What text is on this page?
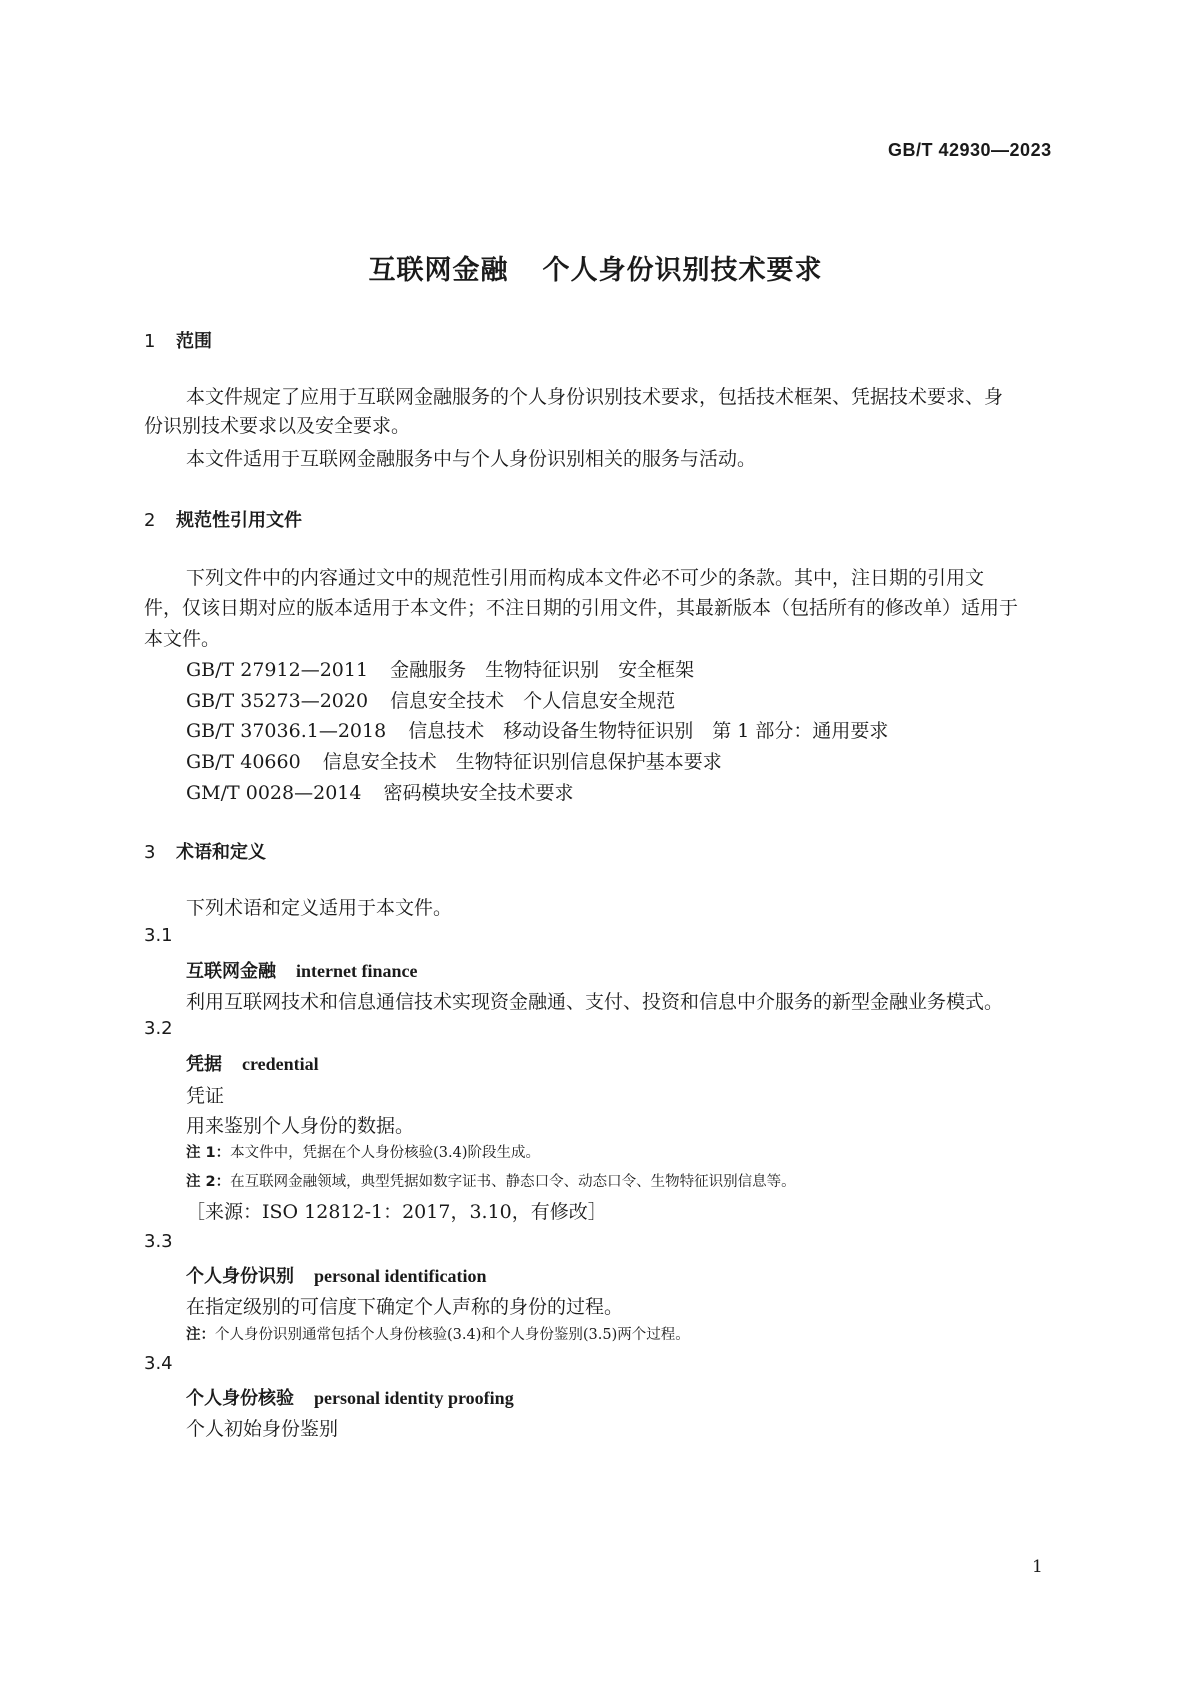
GB/T 42930—2023
互联网金融 个人身份识别技术要求
1 范围
本文件规定了应用于互联网金融服务的个人身份识别技术要求，包括技术框架、凭据技术要求、身
份识别技术要求以及安全要求。
本文件适用于互联网金融服务中与个人身份识别相关的服务与活动。
2 规范性引用文件
下列文件中的内容通过文中的规范性引用而构成本文件必不可少的条款。其中，注日期的引用文
件，仅该日期对应的版本适用于本文件；不注日期的引用文件，其最新版本（包括所有的修改单）适用于
本文件。
GB/T 27912—2011 金融服务　生物特征识别　安全框架
GB/T 35273—2020 信息安全技术　个人信息安全规范
GB/T 37036.1—2018 信息技术　移动设备生物特征识别　第 1 部分：通用要求
GB/T 40660 信息安全技术　生物特征识别信息保护基本要求
GM/T 0028—2014 密码模块安全技术要求
3 术语和定义
下列术语和定义适用于本文件。
3.1
互联网金融 internet finance
利用互联网技术和信息通信技术实现资金融通、支付、投资和信息中介服务的新型金融业务模式。
3.2
凭据 credential
凭证
用来鉴别个人身份的数据。
注 1：本文件中，凭据在个人身份核验(3.4)阶段生成。
注 2：在互联网金融领域，典型凭据如数字证书、静态口令、动态口令、生物特征识别信息等。
［来源：ISO 12812-1：2017，3.10，有修改］
3.3
个人身份识别 personal identification
在指定级别的可信度下确定个人声称的身份的过程。
注：个人身份识别通常包括个人身份核验(3.4)和个人身份鉴别(3.5)两个过程。
3.4
个人身份核验 personal identity proofing
个人初始身份鉴别
1
